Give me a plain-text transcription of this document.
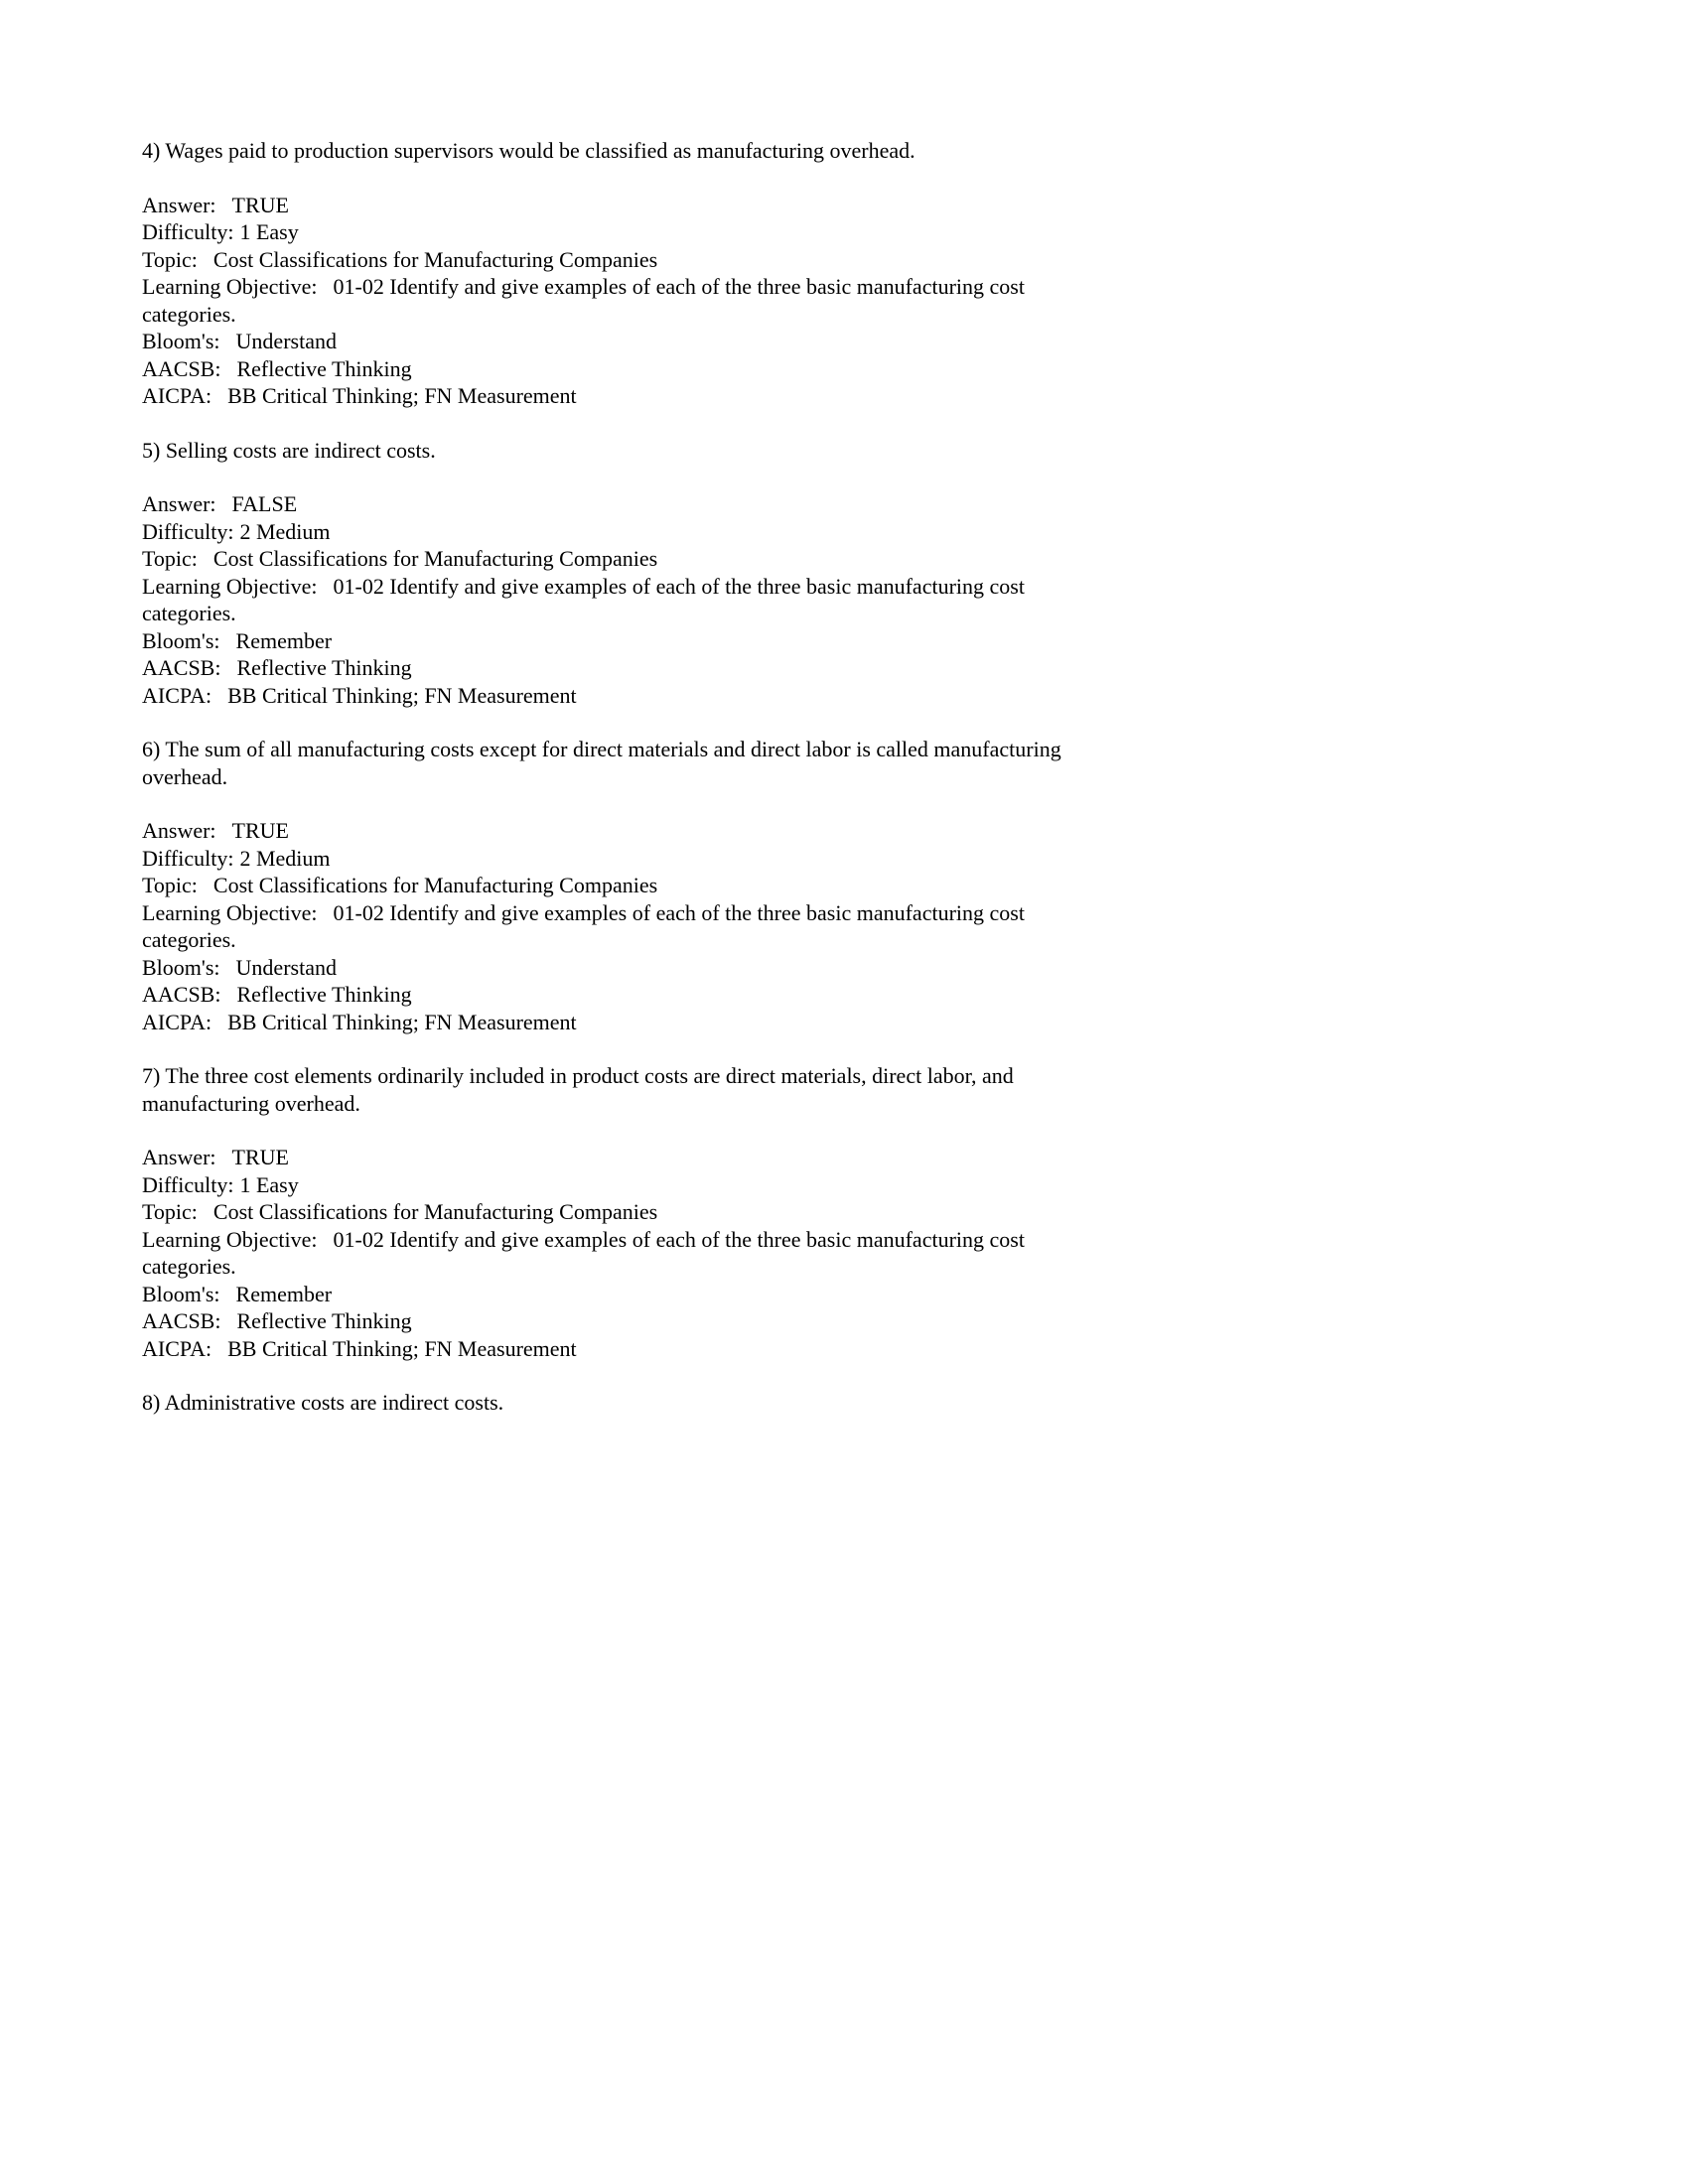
4) Wages paid to production supervisors would be classified as manufacturing overhead.

Answer: TRUE
Difficulty: 1 Easy
Topic: Cost Classifications for Manufacturing Companies
Learning Objective: 01-02 Identify and give examples of each of the three basic manufacturing cost categories.
Bloom's: Understand
AACSB: Reflective Thinking
AICPA: BB Critical Thinking; FN Measurement

5) Selling costs are indirect costs.

Answer: FALSE
Difficulty: 2 Medium
Topic: Cost Classifications for Manufacturing Companies
Learning Objective: 01-02 Identify and give examples of each of the three basic manufacturing cost categories.
Bloom's: Remember
AACSB: Reflective Thinking
AICPA: BB Critical Thinking; FN Measurement

6) The sum of all manufacturing costs except for direct materials and direct labor is called manufacturing overhead.

Answer: TRUE
Difficulty: 2 Medium
Topic: Cost Classifications for Manufacturing Companies
Learning Objective: 01-02 Identify and give examples of each of the three basic manufacturing cost categories.
Bloom's: Understand
AACSB: Reflective Thinking
AICPA: BB Critical Thinking; FN Measurement

7) The three cost elements ordinarily included in product costs are direct materials, direct labor, and manufacturing overhead.

Answer: TRUE
Difficulty: 1 Easy
Topic: Cost Classifications for Manufacturing Companies
Learning Objective: 01-02 Identify and give examples of each of the three basic manufacturing cost categories.
Bloom's: Remember
AACSB: Reflective Thinking
AICPA: BB Critical Thinking; FN Measurement

8) Administrative costs are indirect costs.
